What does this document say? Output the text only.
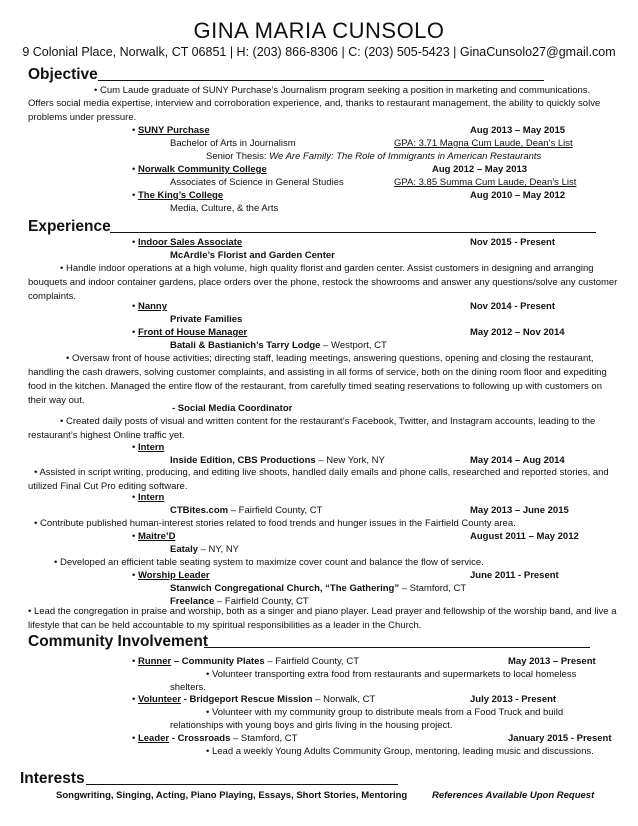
GINA MARIA CUNSOLO
9 Colonial Place, Norwalk, CT 06851 | H: (203) 866-8306 | C: (203) 505-5423 | GinaCunsolo27@gmail.com
Objective
• Cum Laude graduate of SUNY Purchase’s Journalism program seeking a position in marketing and communications.
Offers social media expertise, interview and corroboration experience, and, thanks to restaurant management, the ability to quickly solve problems under pressure.
• SUNY Purchase	Aug 2013 – May 2015
Bachelor of Arts in Journalism	GPA: 3.71 Magna Cum Laude, Dean’s List
Senior Thesis: We Are Family: The Role of Immigrants in American Restaurants
• Norwalk Community College	Aug 2012 – May 2013
Associates of Science in General Studies	GPA: 3.85 Summa Cum Laude, Dean’s List
• The King’s College	Aug 2010 – May 2012
Media, Culture, & the Arts
Experience
• Indoor Sales Associate	Nov 2015 - Present
McArdle’s Florist and Garden Center
• Handle indoor operations at a high volume, high quality florist and garden center. Assist customers in designing and arranging bouquets and indoor container gardens, place orders over the phone, restock the showrooms and answer any questions/solve any customer complaints.
• Nanny	Nov 2014 - Present
Private Families
• Front of House Manager	May 2012 – Nov 2014
Batali & Bastianich’s Tarry Lodge – Westport, CT
• Oversaw front of house activities; directing staff, leading meetings, answering questions, opening and closing the restaurant, handling the cash drawers, solving customer complaints, and assisting in all forms of service, both on the dining room floor and expediting food in the kitchen. Managed the entire flow of the restaurant, from carefully timed seating reservations to following up with customers on their way out.
- Social Media Coordinator
• Created daily posts of visual and written content for the restaurant’s Facebook, Twitter, and Instagram accounts, leading to the restaurant’s highest Online traffic yet.
• Intern
Inside Edition, CBS Productions – New York, NY	May 2014 – Aug 2014
• Assisted in script writing, producing, and editing live shoots, handled daily emails and phone calls, researched and reported stories, and utilized Final Cut Pro editing software.
• Intern
CTBites.com – Fairfield County, CT	May 2013 – June 2015
• Contribute published human-interest stories related to food trends and hunger issues in the Fairfield County area.
• Maitre’D	August 2011 – May 2012
Eataly – NY, NY
• Developed an efficient table seating system to maximize cover count and balance the flow of service.
• Worship Leader	June 2011 - Present
Stanwich Congregational Church, “The Gathering” – Stamford, CT
Freelance – Fairfield County, CT
• Lead the congregation in praise and worship, both as a singer and piano player. Lead prayer and fellowship of the worship band, and live a lifestyle that can be held accountable to my spiritual responsibilities as a leader in the Church.
Community Involvement
• Runner – Community Plates – Fairfield County, CT	May 2013 – Present
• Volunteer transporting extra food from restaurants and supermarkets to local homeless
shelters.
• Volunteer - Bridgeport Rescue Mission – Norwalk, CT	July 2013 - Present
• Volunteer with my community group to distribute meals from a Food Truck and build
relationships with young boys and girls living in the housing project.
• Leader - Crossroads – Stamford, CT	January 2015 - Present
• Lead a weekly Young Adults Community Group, mentoring, leading music and discussions.
Interests
Songwriting, Singing, Acting, Piano Playing, Essays, Short Stories, Mentoring	References Available Upon Request
